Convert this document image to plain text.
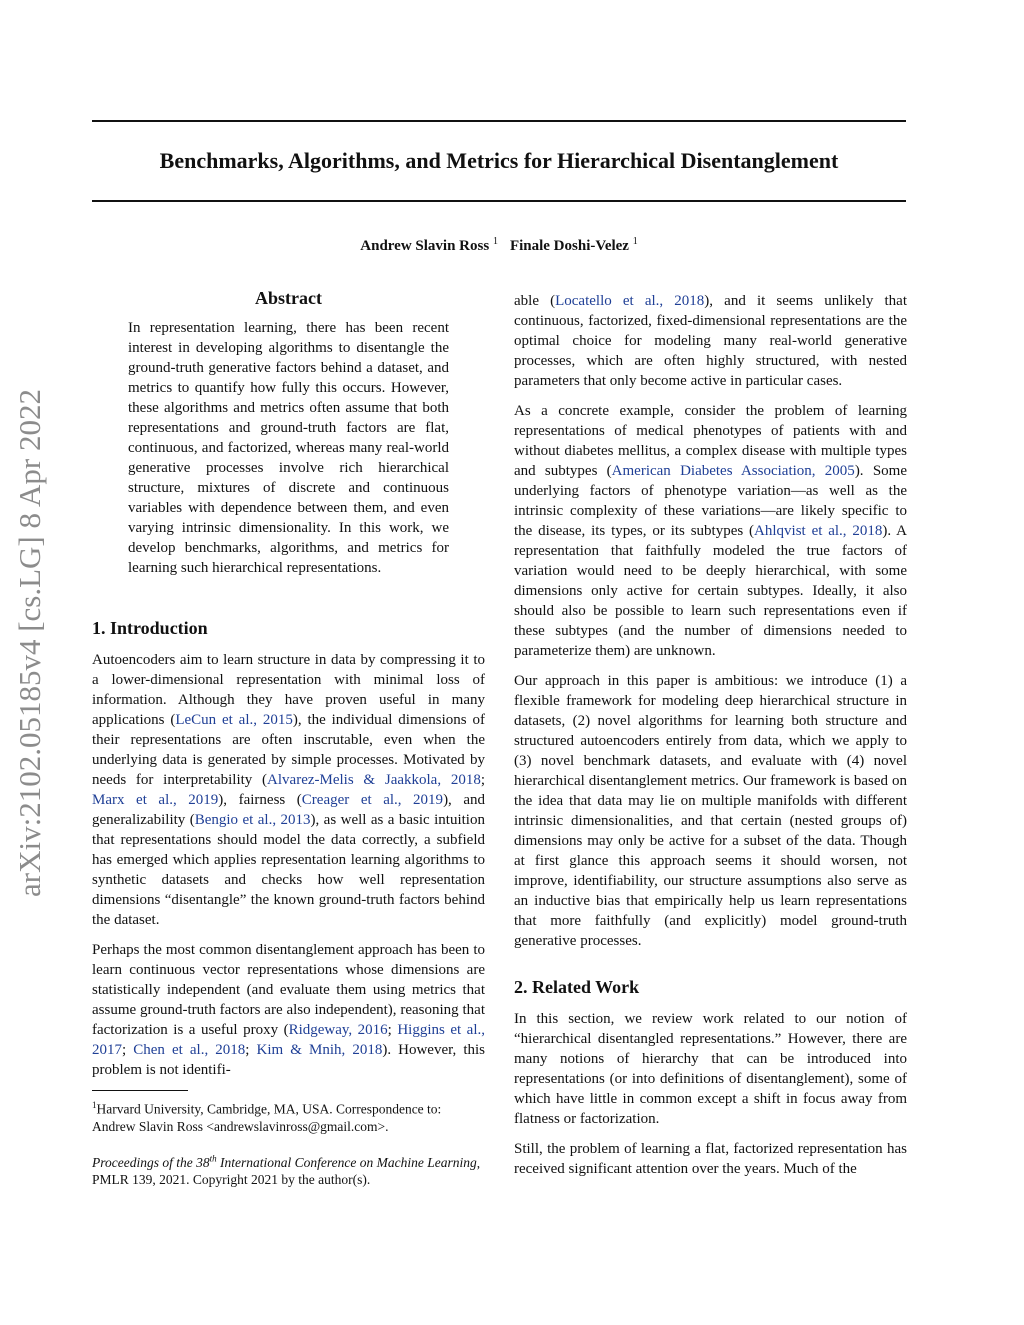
arXiv:2102.05185v4 [cs.LG] 8 Apr 2022
Benchmarks, Algorithms, and Metrics for Hierarchical Disentanglement
Andrew Slavin Ross $^1$ Finale Doshi-Velez $^1$
Abstract

In representation learning, there has been recent interest in developing algorithms to disentangle the ground-truth generative factors behind a dataset, and metrics to quantify how fully this occurs. However, these algorithms and metrics often assume that both representations and ground-truth factors are flat, continuous, and factorized, whereas many real-world generative processes involve rich hierarchical structure, mixtures of discrete and continuous variables with dependence between them, and even varying intrinsic dimensionality. In this work, we develop benchmarks, algorithms, and metrics for learning such hierarchical representations.

1. Introduction

Autoencoders aim to learn structure in data by compressing it to a lower-dimensional representation with minimal loss of information. Although they have proven useful in many applications (LeCun et al., 2015), the individual dimensions of their representations are often inscrutable, even when the underlying data is generated by simple processes. Motivated by needs for interpretability (Alvarez-Melis & Jaakkola, 2018; Marx et al., 2019), fairness (Creager et al., 2019), and generalizability (Bengio et al., 2013), as well as a basic intuition that representations should model the data correctly, a subfield has emerged which applies representation learning algorithms to synthetic datasets and checks how well representation dimensions “disentangle” the known ground-truth factors behind the dataset.

Perhaps the most common disentanglement approach has been to learn continuous vector representations whose dimensions are statistically independent (and evaluate them using metrics that assume ground-truth factors are also independent), reasoning that factorization is a useful proxy (Ridgeway, 2016; Higgins et al., 2017; Chen et al., 2018; Kim & Mnih, 2018). However, this problem is not identifi-

$^1$Harvard University, Cambridge, MA, USA. Correspondence to: Andrew Slavin Ross <andrewslavinross@gmail.com>.

Proceedings of the 38th International Conference on Machine Learning, PMLR 139, 2021. Copyright 2021 by the author(s).

able (Locatello et al., 2018), and it seems unlikely that continuous, factorized, fixed-dimensional representations are the optimal choice for modeling many real-world generative processes, which are often highly structured, with nested parameters that only become active in particular cases.

As a concrete example, consider the problem of learning representations of medical phenotypes of patients with and without diabetes mellitus, a complex disease with multiple types and subtypes (American Diabetes Association, 2005). Some underlying factors of phenotype variation—as well as the intrinsic complexity of these variations—are likely specific to the disease, its types, or its subtypes (Ahlqvist et al., 2018). A representation that faithfully modeled the true factors of variation would need to be deeply hierarchical, with some dimensions only active for certain subtypes. Ideally, it also should also be possible to learn such representations even if these subtypes (and the number of dimensions needed to parameterize them) are unknown.

Our approach in this paper is ambitious: we introduce (1) a flexible framework for modeling deep hierarchical structure in datasets, (2) novel algorithms for learning both structure and structured autoencoders entirely from data, which we apply to (3) novel benchmark datasets, and evaluate with (4) novel hierarchical disentanglement metrics. Our framework is based on the idea that data may lie on multiple manifolds with different intrinsic dimensionalities, and that certain (nested groups of) dimensions may only be active for a subset of the data. Though at first glance this approach seems it should worsen, not improve, identifiability, our structure assumptions also serve as an inductive bias that empirically help us learn representations that more faithfully (and explicitly) model ground-truth generative processes.

2. Related Work

In this section, we review work related to our notion of “hierarchical disentangled representations.” However, there are many notions of hierarchy that can be introduced into representations (or into definitions of disentanglement), some of which have little in common except a shift in focus away from flatness or factorization.

Still, the problem of learning a flat, factorized representation has received significant attention over the years. Much of the
